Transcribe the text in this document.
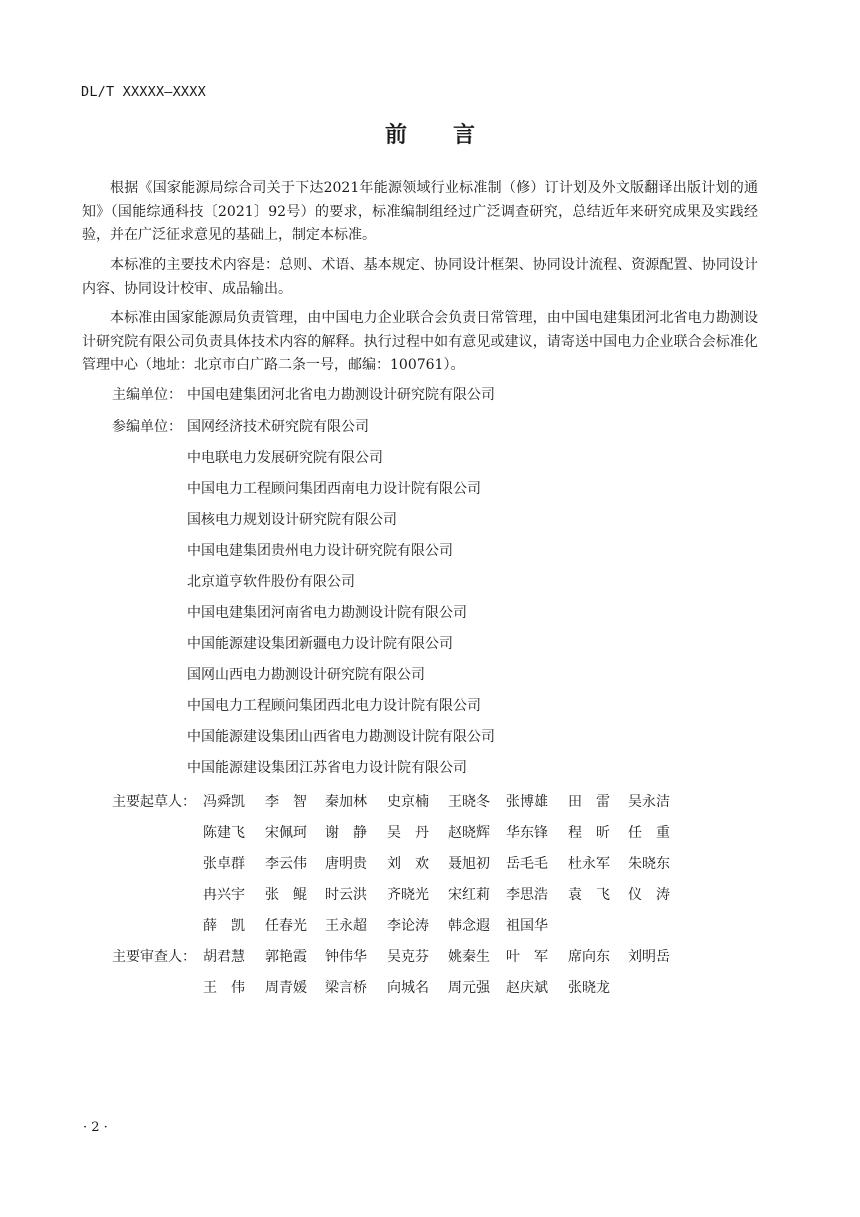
DL/T XXXXX—XXXX
前 言

根据《国家能源局综合司关于下达2021年能源领域行业标准制（修）订计划及外文版翻译出版计划的通知》（国能综通科技〔2021〕92号）的要求，标准编制组经过广泛调查研究，总结近年来研究成果及实践经验，并在广泛征求意见的基础上，制定本标准。

本标准的主要技术内容是：总则、术语、基本规定、协同设计框架、协同设计流程、资源配置、协同设计内容、协同设计校审、成品输出。

本标准由国家能源局负责管理，由中国电力企业联合会负责日常管理，由中国电建集团河北省电力勘测设计研究院有限公司负责具体技术内容的解释。执行过程中如有意见或建议，请寄送中国电力企业联合会标准化管理中心（地址：北京市白广路二条一号，邮编：100761）。

主编单位： 中国电建集团河北省电力勘测设计研究院有限公司
参编单位： 国网经济技术研究院有限公司
中电联电力发展研究院有限公司
中国电力工程顾问集团西南电力设计院有限公司
国核电力规划设计研究院有限公司
中国电建集团贵州电力设计研究院有限公司
北京道亨软件股份有限公司
中国电建集团河南省电力勘测设计院有限公司
中国能源建设集团新疆电力设计院有限公司
国网山西电力勘测设计研究院有限公司
中国电力工程顾问集团西北电力设计院有限公司
中国能源建设集团山西省电力勘测设计院有限公司
中国能源建设集团江苏省电力设计院有限公司
主要起草人： 冯舜凯 李　智 秦加林 史京楠 王晓冬 张博雄 田　雷 吴永洁
陈建飞 宋佩珂 谢　静 吴　丹 赵晓辉 华东锋 程　昕 任　重
张卓群 李云伟 唐明贵 刘　欢 聂旭初 岳毛毛 杜永军 朱晓东
冉兴宇 张　鲲 时云洪 齐晓光 宋红莉 李思浩 袁　飞 仪　涛
薛　凯 任春光 王永超 李论涛 韩念遐 祖国华
主要审查人： 胡君慧 郭艳霞 钟伟华 吴克芬 姚秦生 叶　军 席向东 刘明岳
王　伟 周青媛 梁言桥 向城名 周元强 赵庆斌 张晓龙
· 2 ·
